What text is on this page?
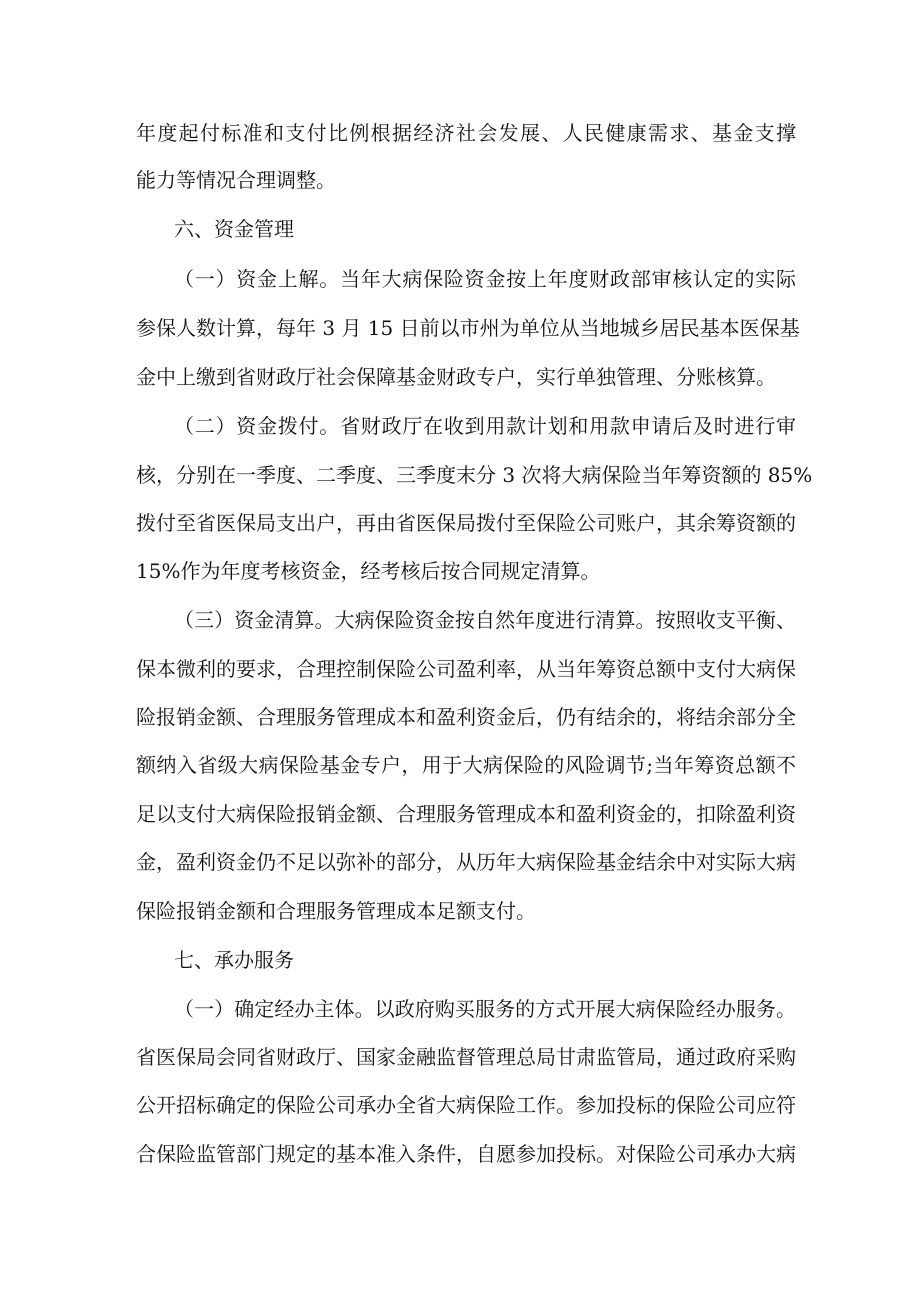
年度起付标准和支付比例根据经济社会发展、人民健康需求、基金支撑
能力等情况合理调整。
六、资金管理
（一）资金上解。当年大病保险资金按上年度财政部审核认定的实际
参保人数计算，每年 3 月 15 日前以市州为单位从当地城乡居民基本医保基
金中上缴到省财政厅社会保障基金财政专户，实行单独管理、分账核算。
（二）资金拨付。省财政厅在收到用款计划和用款申请后及时进行审
核，分别在一季度、二季度、三季度末分 3 次将大病保险当年筹资额的 85%
拨付至省医保局支出户，再由省医保局拨付至保险公司账户，其余筹资额的
15%作为年度考核资金，经考核后按合同规定清算。
（三）资金清算。大病保险资金按自然年度进行清算。按照收支平衡、
保本微利的要求，合理控制保险公司盈利率，从当年筹资总额中支付大病保
险报销金额、合理服务管理成本和盈利资金后，仍有结余的，将结余部分全
额纳入省级大病保险基金专户，用于大病保险的风险调节;当年筹资总额不
足以支付大病保险报销金额、合理服务管理成本和盈利资金的，扣除盈利资
金，盈利资金仍不足以弥补的部分，从历年大病保险基金结余中对实际大病
保险报销金额和合理服务管理成本足额支付。
七、承办服务
（一）确定经办主体。以政府购买服务的方式开展大病保险经办服务。
省医保局会同省财政厅、国家金融监督管理总局甘肃监管局，通过政府采购
公开招标确定的保险公司承办全省大病保险工作。参加投标的保险公司应符
合保险监管部门规定的基本准入条件，自愿参加投标。对保险公司承办大病
